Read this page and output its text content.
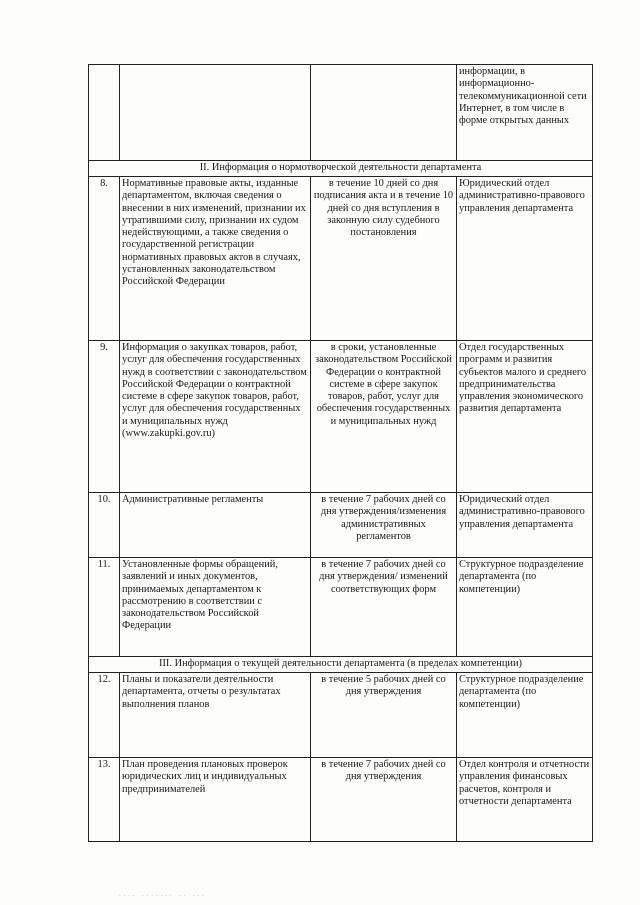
			информации, в информационно-телекоммуникационной сети Интернет, в том числе в форме открытых данных
II. Информация о нормотворческой деятельности департамента			
8.	Нормативные правовые акты, изданные департаментом, включая сведения о внесении в них изменений, признании их утратившими силу, признании их судом недействующими, а также сведения о государственной регистрации нормативных правовых актов в случаях, установленных законодательством Российской Федерации	в течение 10 дней со дня подписания акта и в течение 10 дней со дня вступления в законную силу судебного постановления	Юридический отдел административно-правового управления департамента
9.	Информация о закупках товаров, работ, услуг для обеспечения государственных нужд в соответствии с законодательством Российской Федерации о контрактной системе в сфере закупок товаров, работ, услуг для обеспечения государственных и муниципальных нужд (www.zakupki.gov.ru)	в сроки, установленные законодательством Российской Федерации о контрактной системе в сфере закупок товаров, работ, услуг для обеспечения государственных и муниципальных нужд	Отдел государственных программ и развития субъектов малого и среднего предпринимательства управления экономического развития департамента
10.	Административные регламенты	в течение 7 рабочих дней со дня утверждения/изменения административных регламентов	Юридический отдел административно-правового управления департамента
11.	Установленные формы обращений, заявлений и иных документов, принимаемых департаментом к рассмотрению в соответствии с законодательством Российской Федерации	в течение 7 рабочих дней со дня утверждения/ изменений соответствующих форм	Структурное подразделение департамента (по компетенции)
III. Информация о текущей деятельности департамента (в пределах компетенции)			
12.	Планы и показатели деятельности департамента, отчеты о результатах выполнения планов	в течение 5 рабочих дней со дня утверждения	Структурное подразделение департамента (по компетенции)
13.	План проведения плановых проверок юридических лиц и индивидуальных предпринимателей	в течение 7 рабочих дней со дня утверждения	Отдел контроля и отчетности управления финансовых расчетов, контроля и отчетности департамента
.... ....... .. ...
